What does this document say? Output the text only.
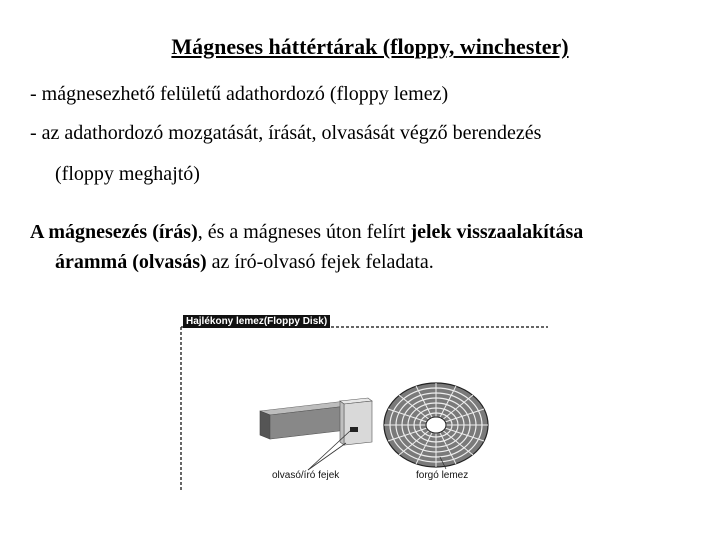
Mágneses háttértárak (floppy, winchester)
- mágnesezhető felületű adathordozó (floppy lemez)
- az adathordozó mozgatását, írását, olvasását végző berendezés
(floppy meghajtó)
A mágnesezés (írás), és a mágneses úton felírt jelek visszaalakítása
árammá (olvasás) az író-olvasó fejek feladata.
Hajlékony lemez(Floppy Disk)
olvasó/író fejek	forgó lemez
